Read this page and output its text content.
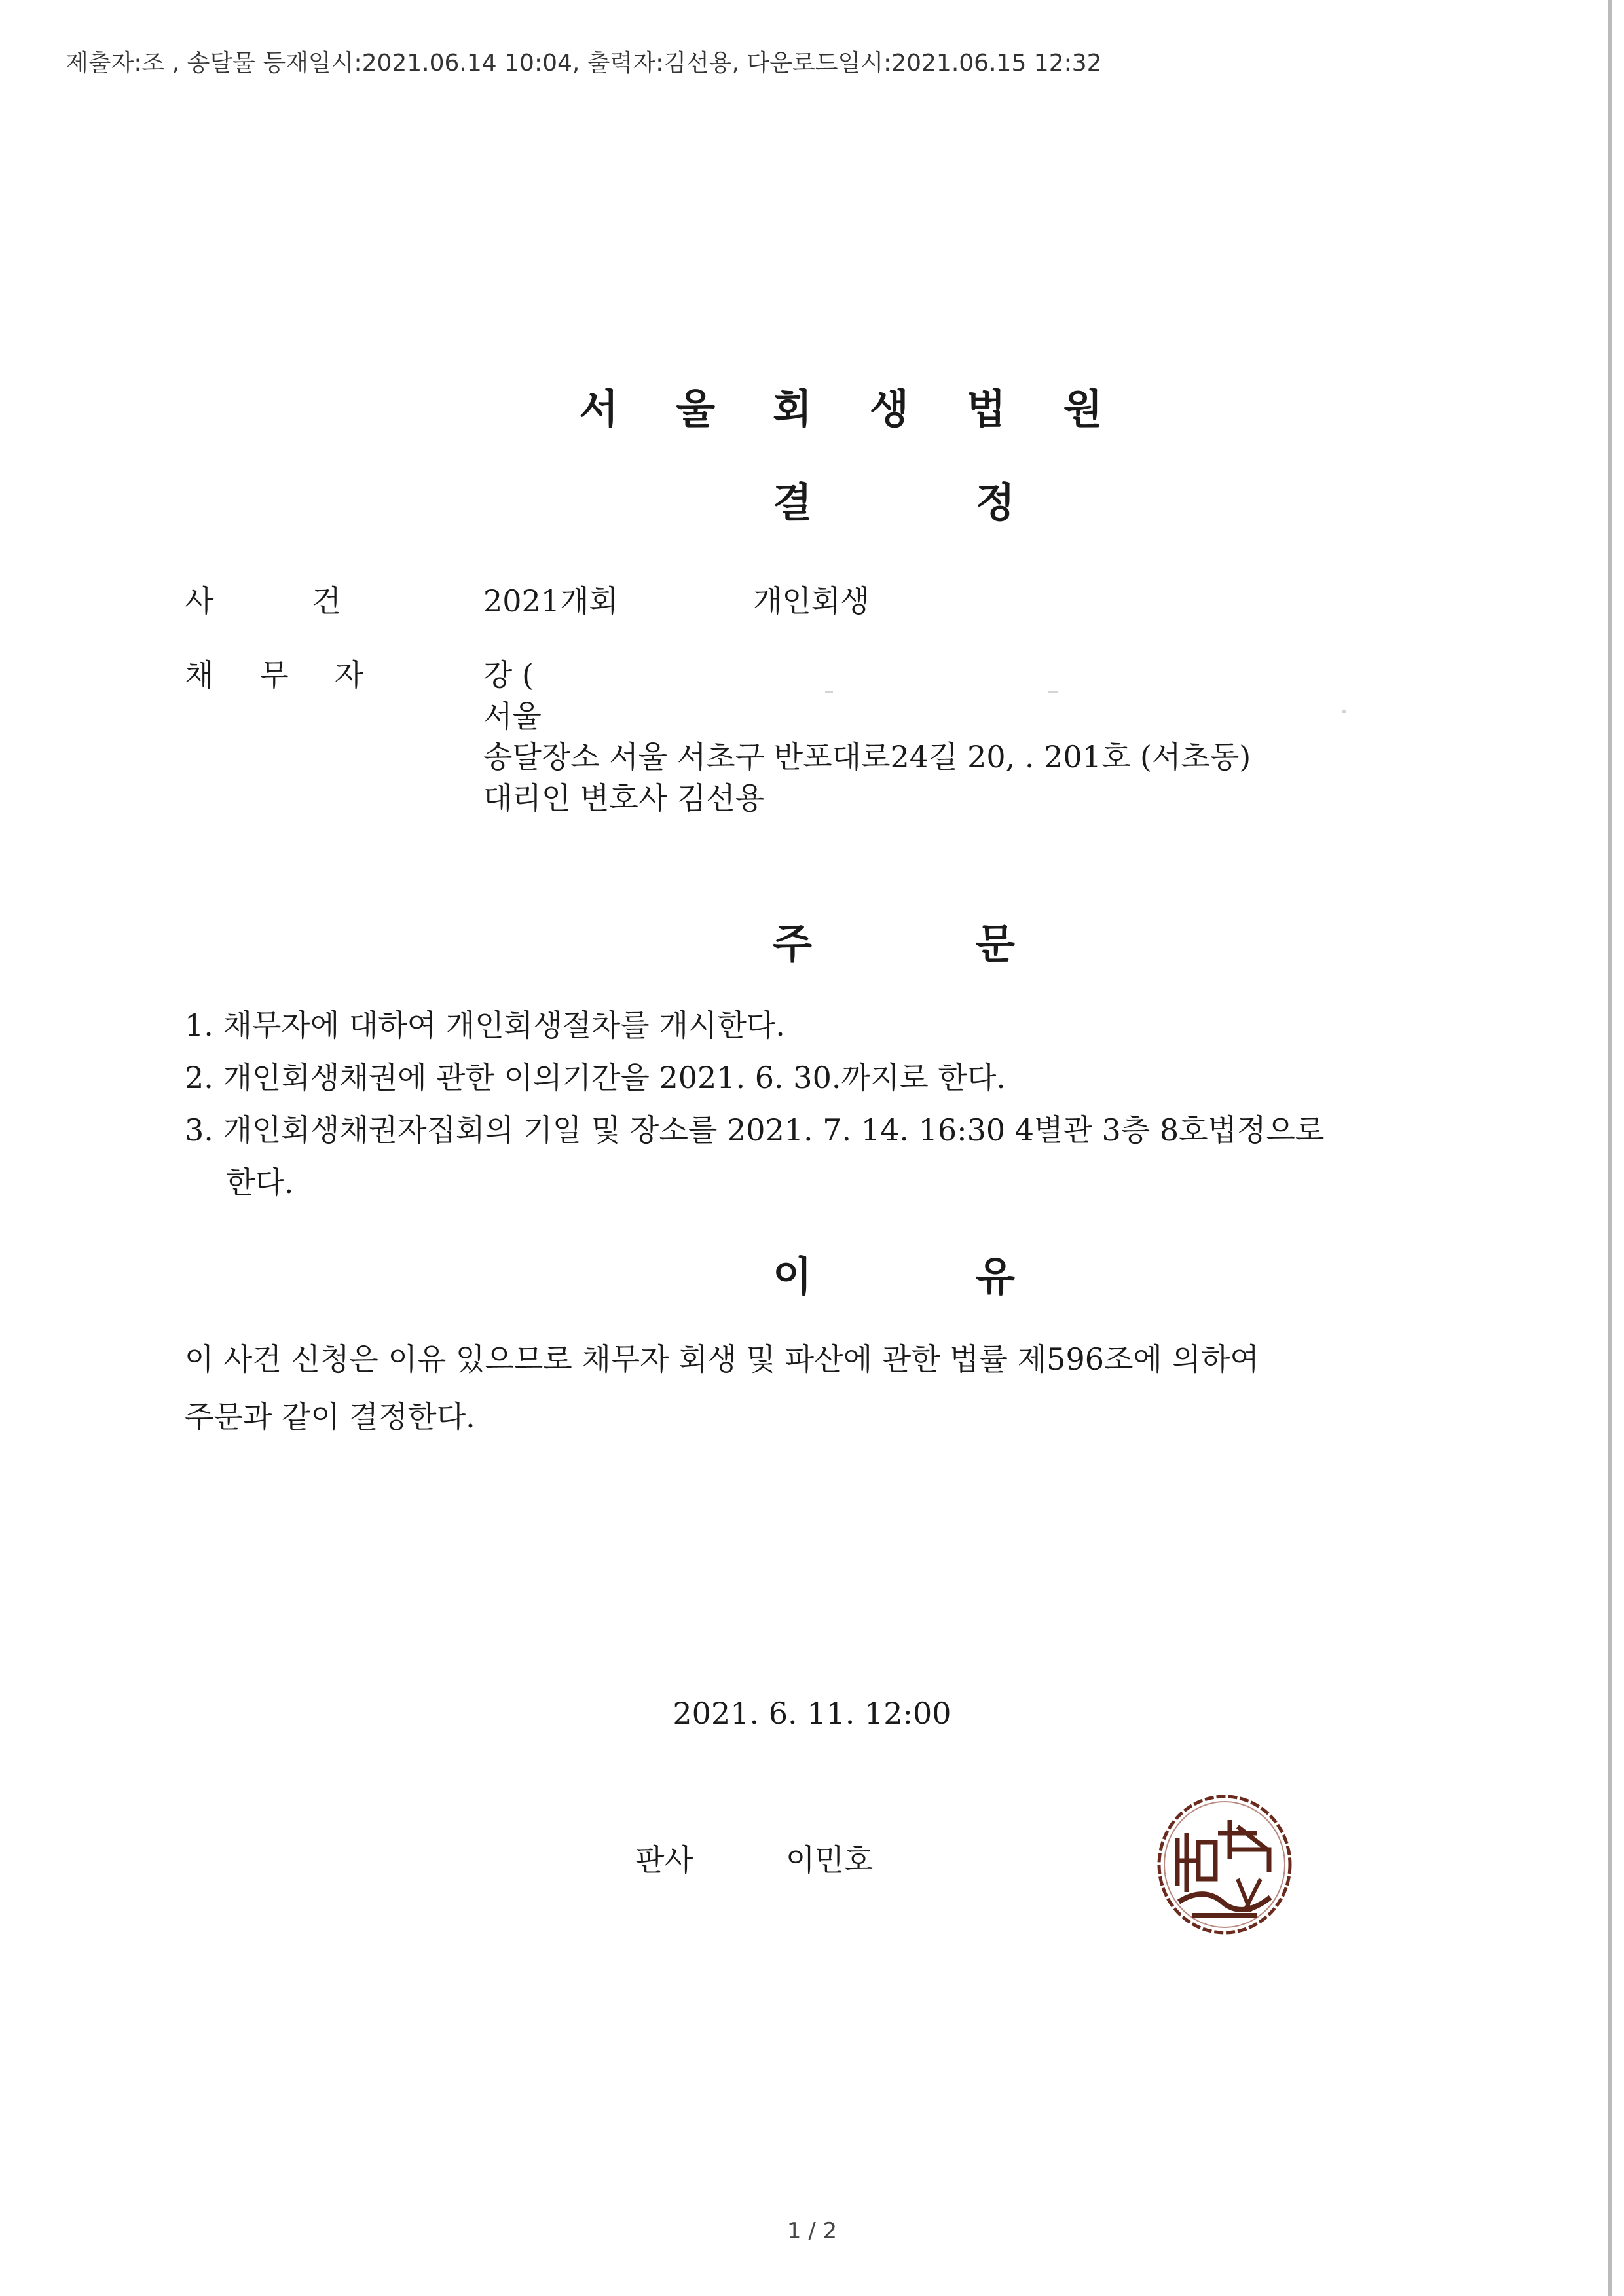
제출자:조 , 송달물 등재일시:2021.06.14 10:04, 출력자:김선용, 다운로드일시:2021.06.15 12:32
서울회생법원
결정
사건 2021개회	개인회생
채무자 강 (
서울
송달장소 서울 서초구 반포대로24길 20, . 201호 (서초동)
대리인 변호사 김선용
주문
1. 채무자에 대하여 개인회생절차를 개시한다.
2. 개인회생채권에 관한 이의기간을 2021. 6. 30.까지로 한다.
3. 개인회생채권자집회의 기일 및 장소를 2021. 7. 14. 16:30 4별관 3층 8호법정으로
한다.
이유
이 사건 신청은 이유 있으므로 채무자 회생 및 파산에 관한 법률 제596조에 의하여
주문과 같이 결정한다.
2021. 6. 11. 12:00
판사	이민호
1 / 2
